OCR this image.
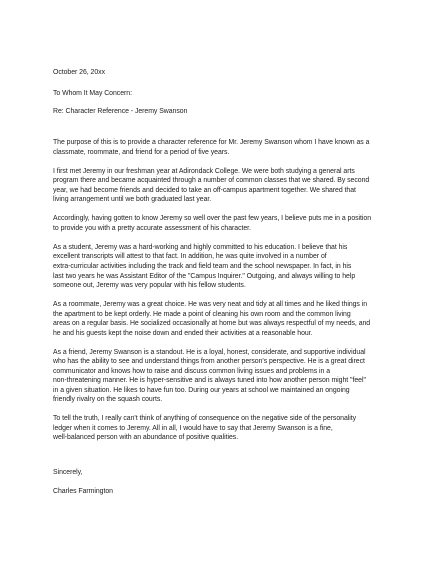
October 26, 20xx
To Whom It May Concern:
Re: Character Reference - Jeremy Swanson
The purpose of this is to provide a character reference for Mr. Jeremy Swanson whom I have known as a
classmate, roommate, and friend for a period of five years.
I first met Jeremy in our freshman year at Adirondack College. We were both studying a general arts
program there and became acquainted through a number of common classes that we shared. By second
year, we had become friends and decided to take an off-campus apartment together. We shared that
living arrangement until we both graduated last year.
Accordingly, having gotten to know Jeremy so well over the past few years, I believe puts me in a position
to provide you with a pretty accurate assessment of his character.
As a student, Jeremy was a hard-working and highly committed to his education. I believe that his
excellent transcripts will attest to that fact. In addition, he was quite involved in a number of
extra-curricular activities including the track and field team and the school newspaper. In fact, in his
last two years he was Assistant Editor of the "Campus Inquirer." Outgoing, and always willing to help
someone out, Jeremy was very popular with his fellow students.
As a roommate, Jeremy was a great choice. He was very neat and tidy at all times and he liked things in
the apartment to be kept orderly. He made a point of cleaning his own room and the common living
areas on a regular basis. He socialized occasionally at home but was always respectful of my needs, and
he and his guests kept the noise down and ended their activities at a reasonable hour.
As a friend, Jeremy Swanson is a standout. He is a loyal, honest, considerate, and supportive individual
who has the ability to see and understand things from another person's perspective. He is a great direct
communicator and knows how to raise and discuss common living issues and problems in a
non-threatening manner. He is hyper-sensitive and is always tuned into how another person might "feel"
in a given situation. He likes to have fun too. During our years at school we maintained an ongoing
friendly rivalry on the squash courts.
To tell the truth, I really can't think of anything of consequence on the negative side of the personality
ledger when it comes to Jeremy. All in all, I would have to say that Jeremy Swanson is a fine,
well-balanced person with an abundance of positive qualities.
Sincerely,
Charles Farmington
